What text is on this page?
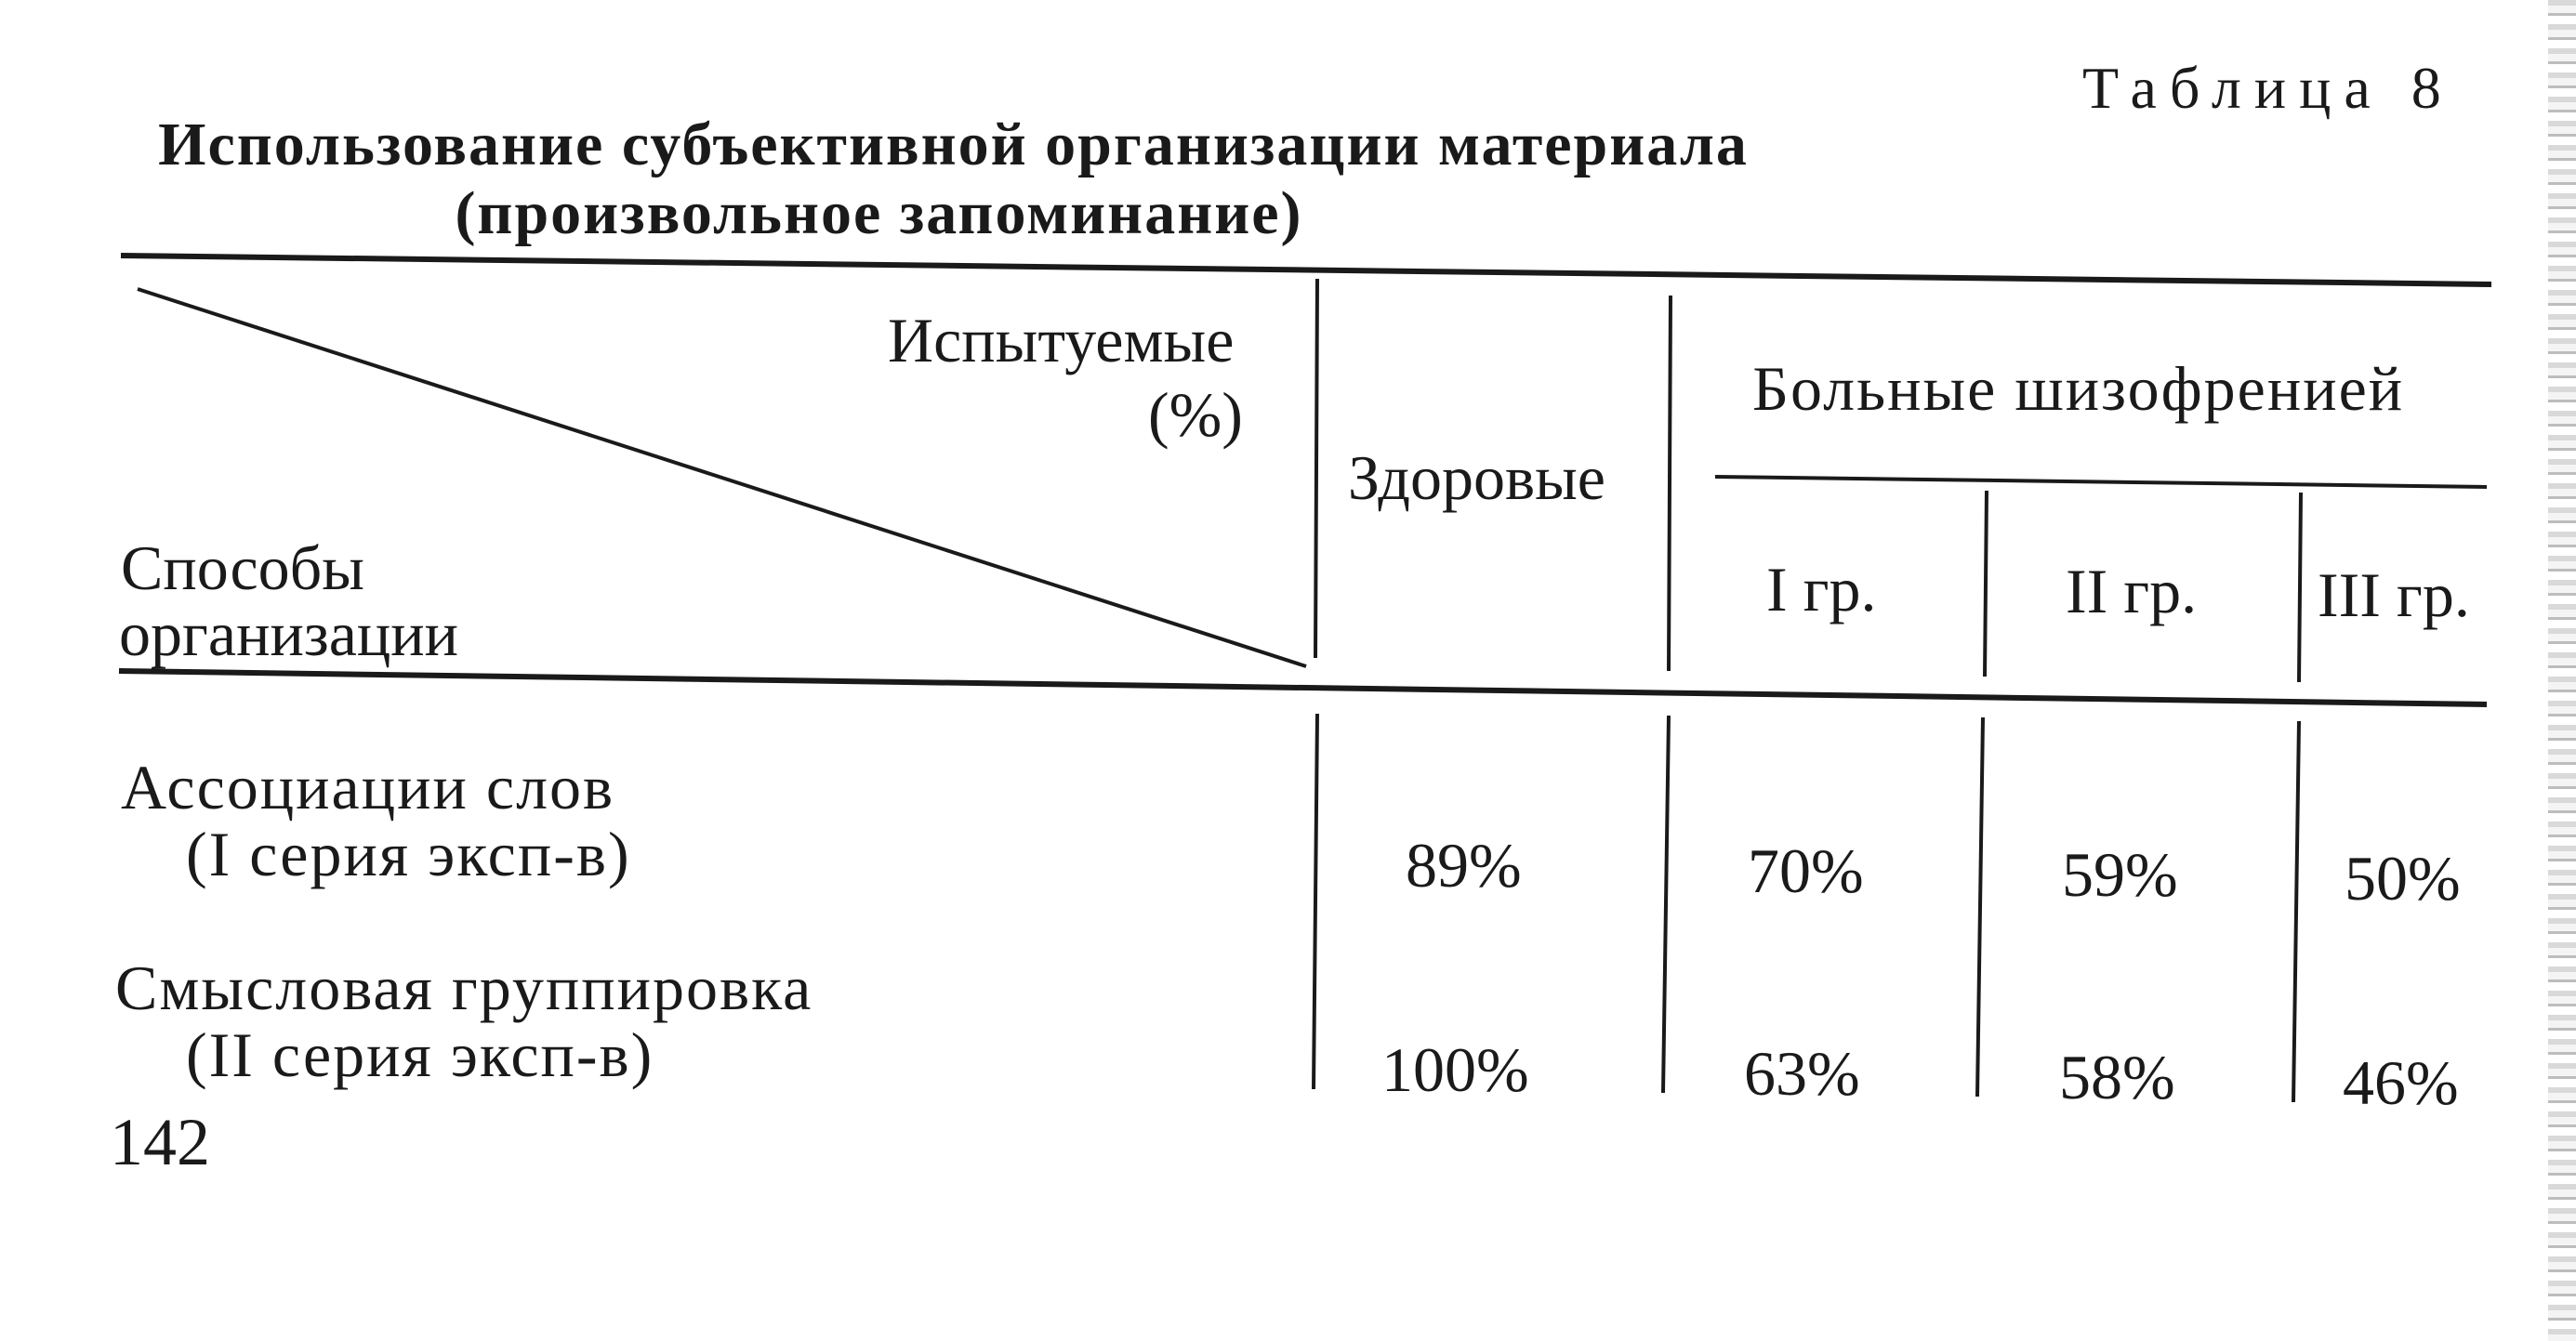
Таблица 8
Использование субъективной организации материала
(произвольное запоминание)
Испытуемые
(%)
Способы
организации
Здоровые
Больные шизофренией
I гр.	II гр. III гр.
Ассоциации слов
(I серия эксп-в)	89%	70%	59%	50%
Смысловая группировка
(II серия эксп-в)	100%	63%	58%	46%
142
